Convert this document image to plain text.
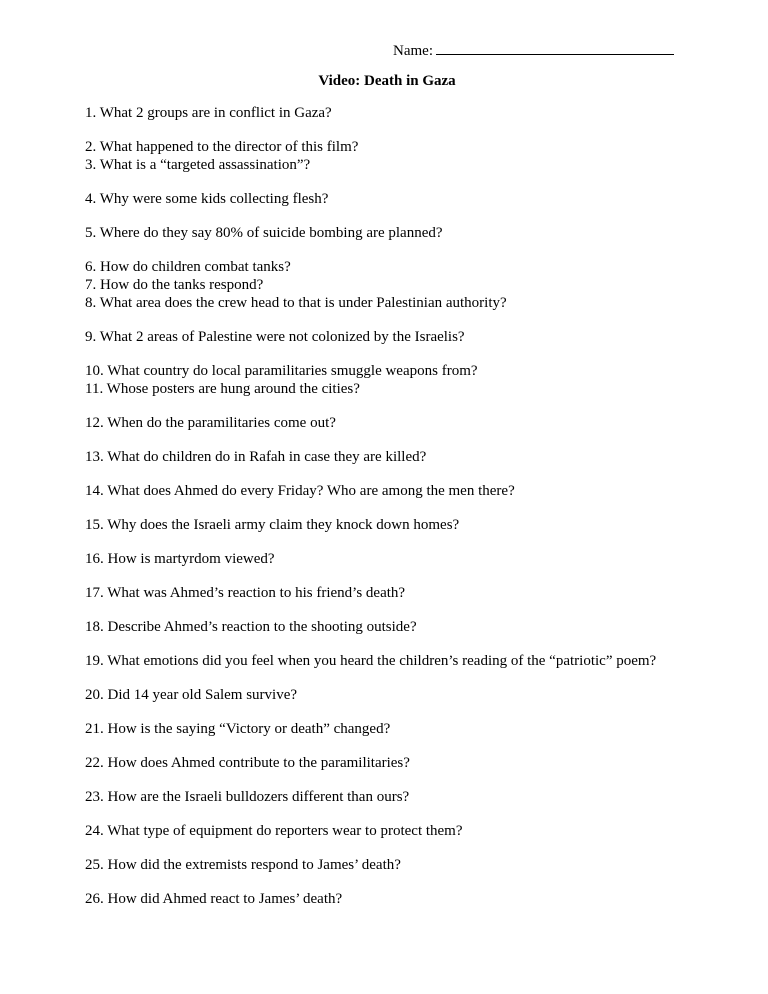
Name:
Video: Death in Gaza
1. What 2 groups are in conflict in Gaza?
2. What happened to the director of this film?
3. What is a “targeted assassination”?
4. Why were some kids collecting flesh?
5. Where do they say 80% of suicide bombing are planned?
6. How do children combat tanks?
7. How do the tanks respond?
8. What area does the crew head to that is under Palestinian authority?
9. What 2 areas of Palestine were not colonized by the Israelis?
10. What country do local paramilitaries smuggle weapons from?
11. Whose posters are hung around the cities?
12. When do the paramilitaries come out?
13. What do children do in Rafah in case they are killed?
14. What does Ahmed do every Friday? Who are among the men there?
15. Why does the Israeli army claim they knock down homes?
16. How is martyrdom viewed?
17. What was Ahmed’s reaction to his friend’s death?
18. Describe Ahmed’s reaction to the shooting outside?
19. What emotions did you feel when you heard the children’s reading of the “patriotic” poem?
20. Did 14 year old Salem survive?
21. How is the saying “Victory or death” changed?
22. How does Ahmed contribute to the paramilitaries?
23. How are the Israeli bulldozers different than ours?
24. What type of equipment do reporters wear to protect them?
25. How did the extremists respond to James’ death?
26. How did Ahmed react to James’ death?
